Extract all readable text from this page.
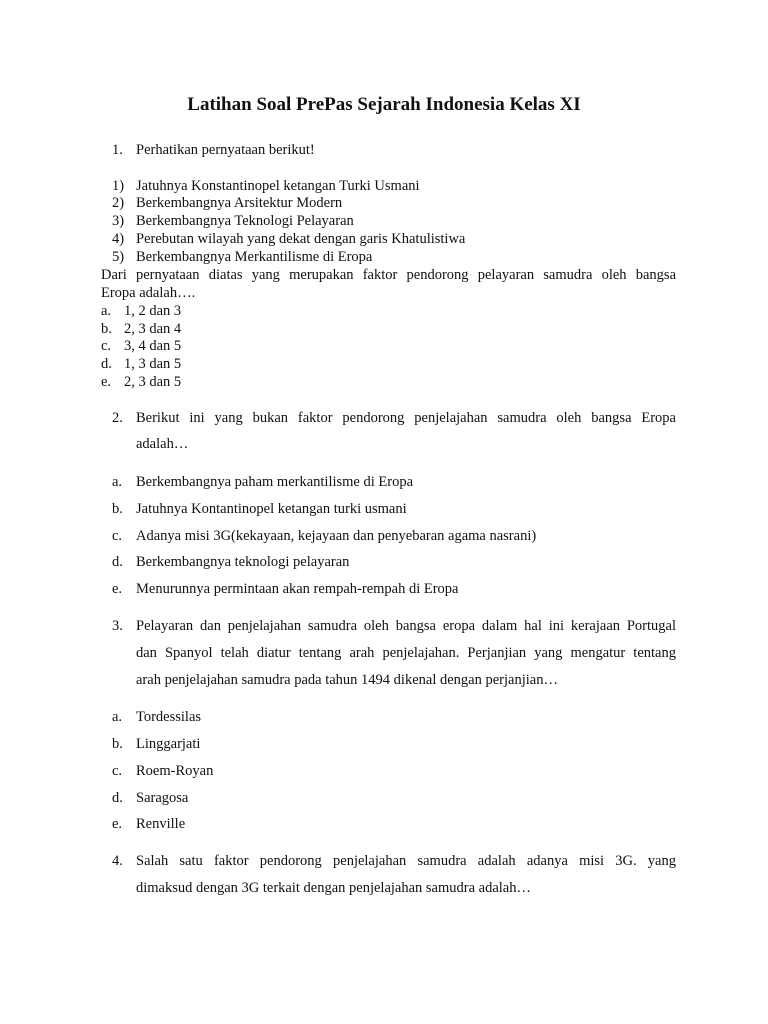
Latihan Soal PrePas Sejarah Indonesia Kelas XI
1. Perhatikan pernyataan berikut!
1) Jatuhnya Konstantinopel ketangan Turki Usmani
2) Berkembangnya Arsitektur Modern
3) Berkembangnya Teknologi Pelayaran
4) Perebutan wilayah yang dekat dengan garis Khatulistiwa
5) Berkembangnya Merkantilisme di Eropa

Dari pernyataan diatas yang merupakan faktor pendorong pelayaran samudra oleh bangsa

Eropa adalah….

a. 1, 2 dan 3
b. 2, 3 dan 4
c. 3, 4 dan 5
d. 1, 3 dan 5
e. 2, 3 dan 5
2. Berikut ini yang bukan faktor pendorong penjelajahan samudra oleh bangsa Eropa

adalah…

a. Berkembangnya paham merkantilisme di Eropa
b. Jatuhnya Kontantinopel ketangan turki usmani
c. Adanya misi 3G(kekayaan, kejayaan dan penyebaran agama nasrani)
d. Berkembangnya teknologi pelayaran
e. Menurunnya permintaan akan rempah-rempah di Eropa
3. Pelayaran dan penjelajahan samudra oleh bangsa eropa dalam hal ini kerajaan Portugal

dan Spanyol telah diatur tentang arah penjelajahan. Perjanjian yang mengatur tentang

arah penjelajahan samudra pada tahun 1494 dikenal dengan perjanjian…

a. Tordessilas
b. Linggarjati
c. Roem-Royan
d. Saragosa
e. Renville
4. Salah satu faktor pendorong penjelajahan samudra adalah adanya misi 3G. yang

dimaksud dengan 3G terkait dengan penjelajahan samudra adalah…
